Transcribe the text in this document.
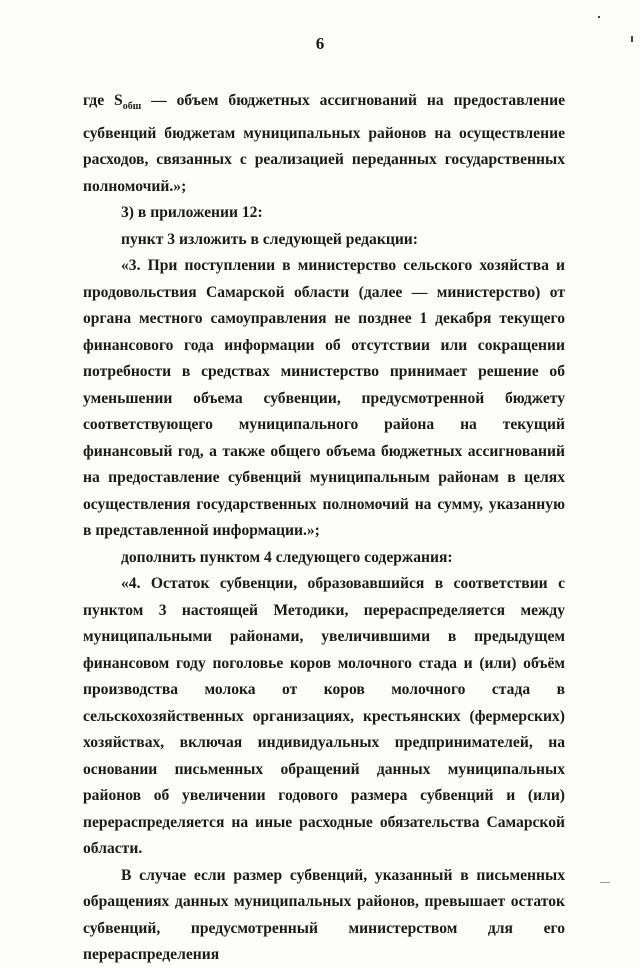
6

где $S_{обш}$ — объем бюджетных ассигнований на предоставление субвенций бюджетам муниципальных районов на осуществление расходов, связанных с реализацией переданных государственных полномочий.»;

3) в приложении 12:

пункт 3 изложить в следующей редакции:

«3. При поступлении в министерство сельского хозяйства и продовольствия Самарской области (далее — министерство) от органа местного самоуправления не позднее 1 декабря текущего финансового года информации об отсутствии или сокращении потребности в средствах министерство принимает решение об уменьшении объема субвенции, предусмотренной бюджету соответствующего муниципального района на текущий финансовый год, а также общего объема бюджетных ассигнований на предоставление субвенций муниципальным районам в целях осуществления государственных полномочий на сумму, указанную в представленной информации.»;

дополнить пунктом 4 следующего содержания:

«4. Остаток субвенции, образовавшийся в соответствии с пунктом 3 настоящей Методики, перераспределяется между муниципальными районами, увеличившими в предыдущем финансовом году поголовье коров молочного стада и (или) объём производства молока от коров молочного стада в сельскохозяйственных организациях, крестьянских (фермерских) хозяйствах, включая индивидуальных предпринимателей, на основании письменных обращений данных муниципальных районов об увеличении годового размера субвенций и (или) перераспределяется на иные расходные обязательства Самарской области.

В случае если размер субвенций, указанный в письменных обращениях данных муниципальных районов, превышает остаток субвенций, предусмотренный министерством для его перераспределения
